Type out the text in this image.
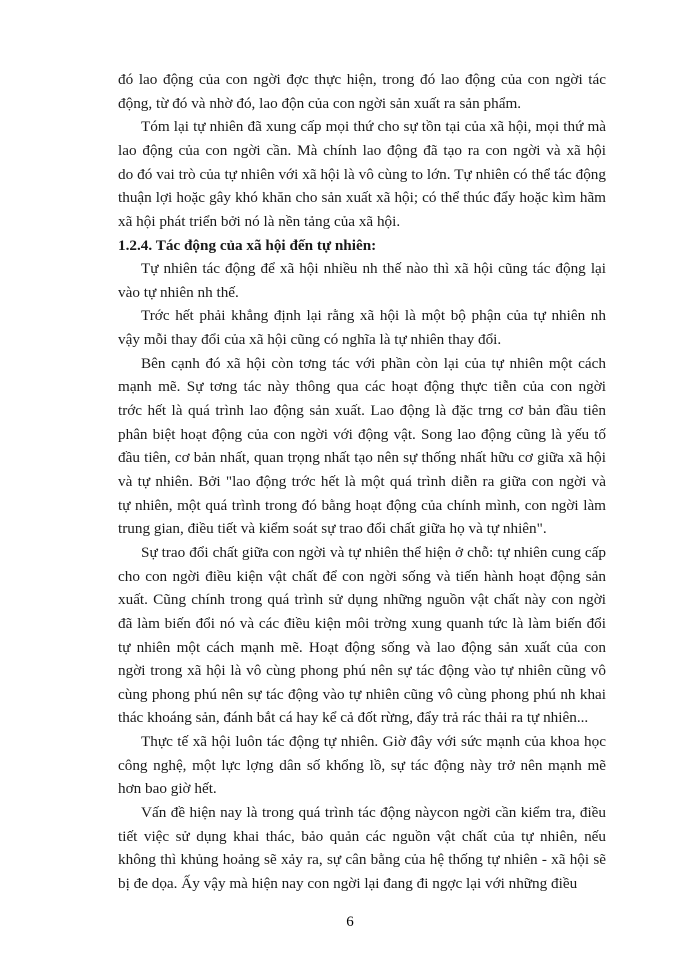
đó lao động của con ngời đợc thực hiện, trong đó lao động của con ngời tác
động, từ đó và nhờ đó, lao độn của con ngời sản xuất ra sản phẩm.
Tóm lại tự nhiên đã xung cấp mọi thứ cho sự tồn tại của xã hội, mọi thứ mà
lao động của con ngời cần. Mà chính lao động đã tạo ra con ngời và xã hội
do đó vai trò của tự nhiên với xã hội là vô cùng to lớn. Tự nhiên có thể tác động
thuận lợi hoặc gây khó khăn cho sản xuất xã hội; có thể thúc đẩy hoặc kìm hãm
xã hội phát triển bởi nó là nền tảng của xã hội.
1.2.4. Tác động của xã hội đến tự nhiên:
Tự nhiên tác động để xã hội nhiều nh thế nào thì xã hội cũng tác động lại
vào tự nhiên nh thế.
Trớc hết phải khẳng định lại rằng xã hội là một bộ phận của tự nhiên nh
vậy mỗi thay đổi của xã hội cũng có nghĩa là tự nhiên thay đổi.
Bên cạnh đó xã hội còn tơng tác với phần còn lại của tự nhiên một cách
mạnh mẽ. Sự tơng tác này thông qua các hoạt động thực tiễn của con ngời
trớc hết là quá trình lao động sản xuất. Lao động là đặc trng cơ bản đầu tiên
phân biệt hoạt động của con ngời với động vật. Song lao động cũng là yếu tố
đầu tiên, cơ bản nhất, quan trọng nhất tạo nên sự thống nhất hữu cơ giữa xã hội
và tự nhiên. Bởi "lao động trớc hết là một quá trình diễn ra giữa con ngời và
tự nhiên, một quá trình trong đó bằng hoạt động của chính mình, con ngời làm
trung gian, điều tiết và kiểm soát sự trao đổi chất giữa họ và tự nhiên".
Sự trao đổi chất giữa con ngời và tự nhiên thể hiện ở chỗ: tự nhiên cung cấp
cho con ngời điều kiện vật chất để con ngời sống và tiến hành hoạt động sản
xuất. Cũng chính trong quá trình sử dụng những nguồn vật chất này con ngời
đã làm biến đổi nó và các điều kiện môi trờng xung quanh tức là làm biến đổi
tự nhiên một cách mạnh mẽ. Hoạt động sống và lao động sản xuất của con
ngời trong xã hội là vô cùng phong phú nên sự tác động vào tự nhiên cũng vô
cùng phong phú nên sự tác động vào tự nhiên cũng vô cùng phong phú nh khai
thác khoáng sản, đánh bắt cá hay kể cả đốt rừng, đẩy trả rác thải ra tự nhiên...
Thực tế xã hội luôn tác động tự nhiên. Giờ đây với sức mạnh của khoa học
công nghệ, một lực lợng dân số khổng lồ, sự tác động này trở nên mạnh mẽ
hơn bao giờ hết.
Vấn đề hiện nay là trong quá trình tác động nàycon ngời cần kiểm tra, điều
tiết việc sử dụng khai thác, bảo quản các nguồn vật chất của tự nhiên, nếu
không thì khủng hoảng sẽ xảy ra, sự cân bằng của hệ thống tự nhiên - xã hội sẽ
bị đe dọa. Ấy vậy mà hiện nay con ngời lại đang đi ngợc lại với những điều
6
